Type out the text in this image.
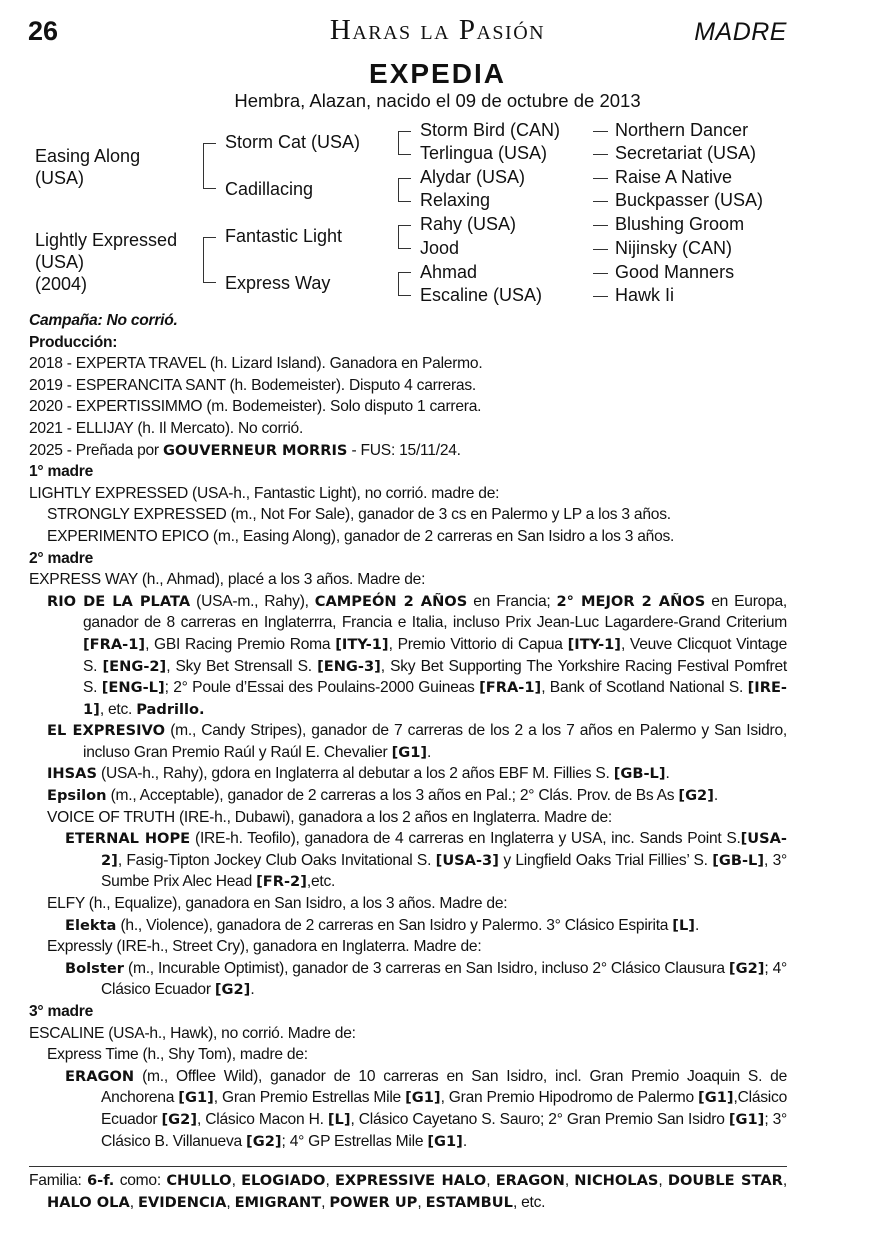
26	Haras la Pasión	MADRE
EXPEDIA
Hembra, Alazan, nacido el 09 de octubre de 2013
Easing Along (USA)
Lightly Expressed
(USA)
(2004)
Storm Cat (USA)
Cadillacing
Fantastic Light
Express Way
Storm Bird (CAN)
Terlingua (USA)
Alydar (USA)
Relaxing
Rahy (USA)
Jood
Ahmad
Escaline (USA)
Northern Dancer
Secretariat (USA)
Raise A Native
Buckpasser (USA)
Blushing Groom
Nijinsky (CAN)
Good Manners
Hawk Ii
Campaña: No corrió.
Producción:
2018 - EXPERTA TRAVEL (h. Lizard Island). Ganadora en Palermo.
2019 - ESPERANCITA SANT (h. Bodemeister). Disputo 4 carreras.
2020 - EXPERTISSIMMO (m. Bodemeister). Solo disputo 1 carrera.
2021 - ELLIJAY (h. Il Mercato). No corrió.
2025 - Preñada por GOUVERNEUR MORRIS - FUS: 15/11/24.
1° madre
LIGHTLY EXPRESSED (USA-h., Fantastic Light), no corrió. madre de:
STRONGLY EXPRESSED (m., Not For Sale), ganador de 3 cs en Palermo y LP a los 3 años.
EXPERIMENTO EPICO (m., Easing Along), ganador de 2 carreras en San Isidro a los 3 años.
2° madre
EXPRESS WAY (h., Ahmad), placé a los 3 años. Madre de:
RIO DE LA PLATA (USA-m., Rahy), CAMPEÓN 2 AÑOS en Francia; 2° MEJOR 2 AÑOS en Europa, ganador de 8 carreras en Inglaterrra, Francia e Italia, incluso Prix Jean-Luc Lagardere-Grand Criterium [FRA-1], GBI Racing Premio Roma [ITY-1], Premio Vittorio di Capua [ITY-1], Veuve Clicquot Vintage S. [ENG-2], Sky Bet Strensall S. [ENG-3], Sky Bet Supporting The Yorkshire Racing Festival Pomfret S. [ENG-L]; 2° Poule d’Essai des Poulains-2000 Guineas [FRA-1], Bank of Scotland National S. [IRE-1], etc. Padrillo.
EL EXPRESIVO (m., Candy Stripes), ganador de 7 carreras de los 2 a los 7 años en Palermo y San Isidro, incluso Gran Premio Raúl y Raúl E. Chevalier [G1].
IHSAS (USA-h., Rahy), gdora en Inglaterra al debutar a los 2 años EBF M. Fillies S. [GB-L].
Epsilon (m., Acceptable), ganador de 2 carreras a los 3 años en Pal.; 2° Clás. Prov. de Bs As [G2].
VOICE OF TRUTH (IRE-h., Dubawi), ganadora a los 2 años en Inglaterra. Madre de:
ETERNAL HOPE (IRE-h. Teofilo), ganadora de 4 carreras en Inglaterra y USA, inc. Sands Point S.[USA-2], Fasig-Tipton Jockey Club Oaks Invitational S. [USA-3] y Lingfield Oaks Trial Fillies’ S. [GB-L], 3° Sumbe Prix Alec Head [FR-2],etc.
ELFY (h., Equalize), ganadora en San Isidro, a los 3 años. Madre de:
Elekta (h., Violence), ganadora de 2 carreras en San Isidro y Palermo. 3° Clásico Espirita [L].
Expressly (IRE-h., Street Cry), ganadora en Inglaterra. Madre de:
Bolster (m., Incurable Optimist), ganador de 3 carreras en San Isidro, incluso 2° Clásico Clausura [G2]; 4° Clásico Ecuador [G2].
3° madre
ESCALINE (USA-h., Hawk), no corrió. Madre de:
Express Time (h., Shy Tom), madre de:
ERAGON (m., Offlee Wild), ganador de 10 carreras en San Isidro, incl. Gran Premio Joaquin S. de Anchorena [G1], Gran Premio Estrellas Mile [G1], Gran Premio Hipodromo de Palermo [G1],Clásico Ecuador [G2], Clásico Macon H. [L], Clásico Cayetano S. Sauro; 2° Gran Premio San Isidro [G1]; 3° Clásico B. Villanueva [G2]; 4° GP Estrellas Mile [G1].
Familia: 6-f. como: CHULLO, ELOGIADO, EXPRESSIVE HALO, ERAGON, NICHOLAS, DOUBLE STAR, HALO OLA, EVIDENCIA, EMIGRANT, POWER UP, ESTAMBUL, etc.
